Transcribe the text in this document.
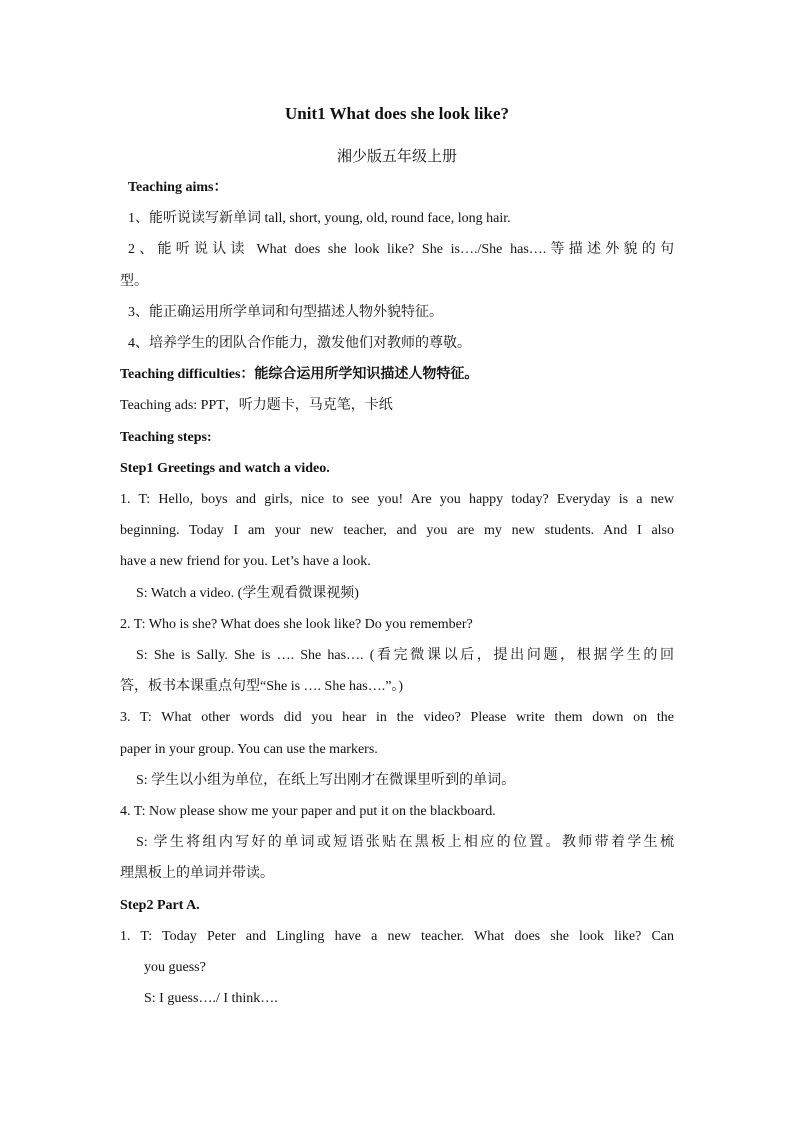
Unit1 What does she look like?
湘少版五年级上册
Teaching aims：
1、能听说读写新单词 tall, short, young, old, round face, long hair.
2、能听说认读 What does she look like? She is…./She has….等描述外貌的句
型。
3、能正确运用所学单词和句型描述人物外貌特征。
4、培养学生的团队合作能力，激发他们对教师的尊敬。
Teaching difficulties：能综合运用所学知识描述人物特征。
Teaching ads: PPT，听力题卡，马克笔，卡纸
Teaching steps:
Step1 Greetings and watch a video.
1. T: Hello, boys and girls, nice to see you! Are you happy today? Everyday is a new
beginning. Today I am your new teacher, and you are my new students. And I also
have a new friend for you. Let’s have a look.
S: Watch a video. (学生观看微课视频)
2. T: Who is she? What does she look like? Do you remember?
S: She is Sally. She is …. She has…. (看完微课以后，提出问题，根据学生的回
答，板书本课重点句型“She is …. She has….”。)
3. T: What other words did you hear in the video? Please write them down on the
paper in your group. You can use the markers.
S: 学生以小组为单位，在纸上写出刚才在微课里听到的单词。
4. T: Now please show me your paper and put it on the blackboard.
S: 学生将组内写好的单词或短语张贴在黑板上相应的位置。教师带着学生梳
理黑板上的单词并带读。
Step2 Part A.
1. T: Today Peter and Lingling have a new teacher. What does she look like? Can
you guess?
S: I guess…./ I think….
